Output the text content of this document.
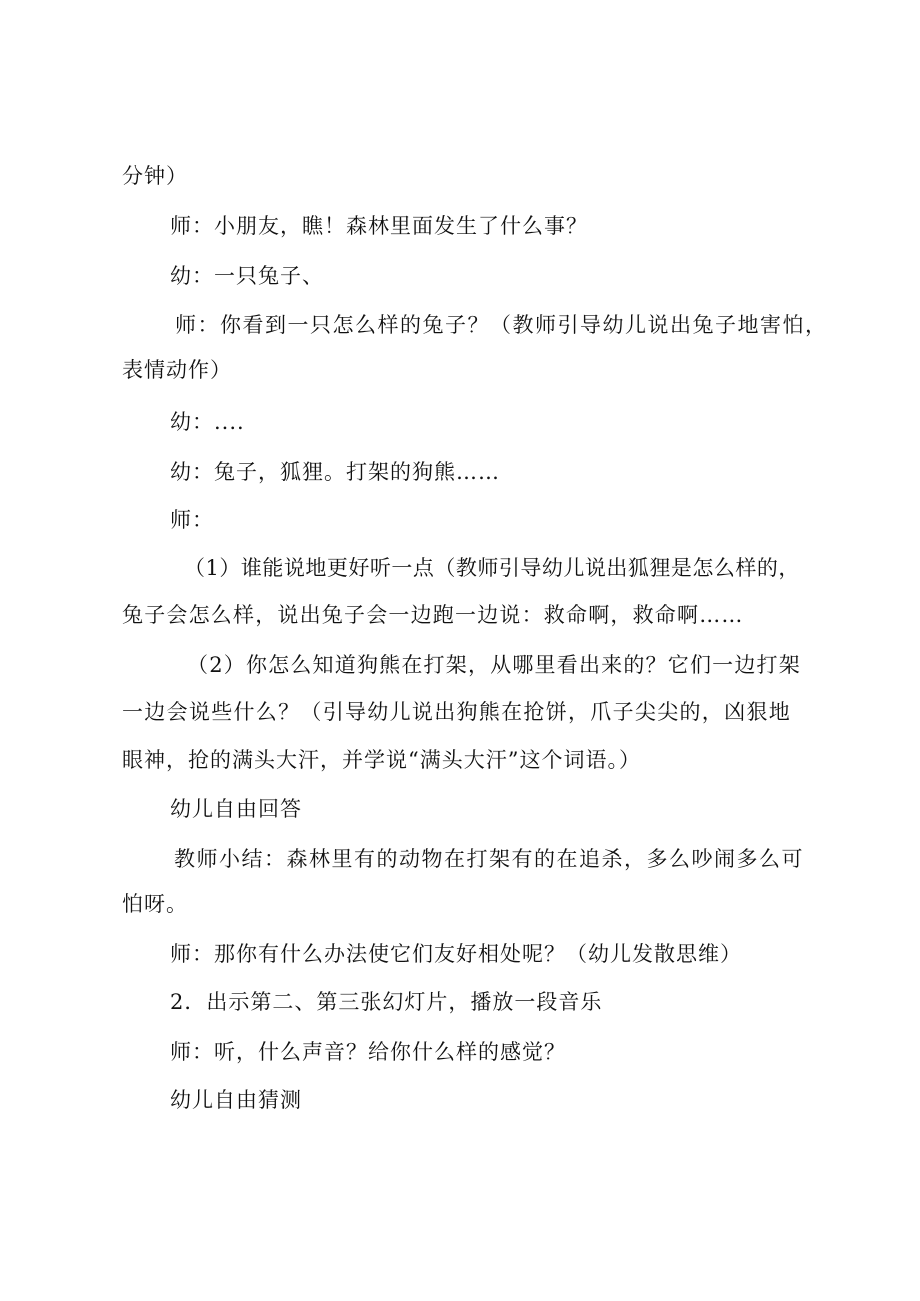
分钟）
师：小朋友，瞧！森林里面发生了什么事？
幼：一只兔子、
师：你看到一只怎么样的兔子？（教师引导幼儿说出兔子地害怕，
表情动作）
幼：....
幼：兔子，狐狸。打架的狗熊……
师：
（1）谁能说地更好听一点（教师引导幼儿说出狐狸是怎么样的，
兔子会怎么样，说出兔子会一边跑一边说：救命啊，救命啊……
（2）你怎么知道狗熊在打架，从哪里看出来的？它们一边打架
一边会说些什么？（引导幼儿说出狗熊在抢饼，爪子尖尖的，凶狠地
眼神，抢的满头大汗，并学说“满头大汗”这个词语。）
幼儿自由回答
教师小结：森林里有的动物在打架有的在追杀，多么吵闹多么可
怕呀。
师：那你有什么办法使它们友好相处呢？（幼儿发散思维）
2．出示第二、第三张幻灯片，播放一段音乐
师：听，什么声音？给你什么样的感觉？
幼儿自由猜测
